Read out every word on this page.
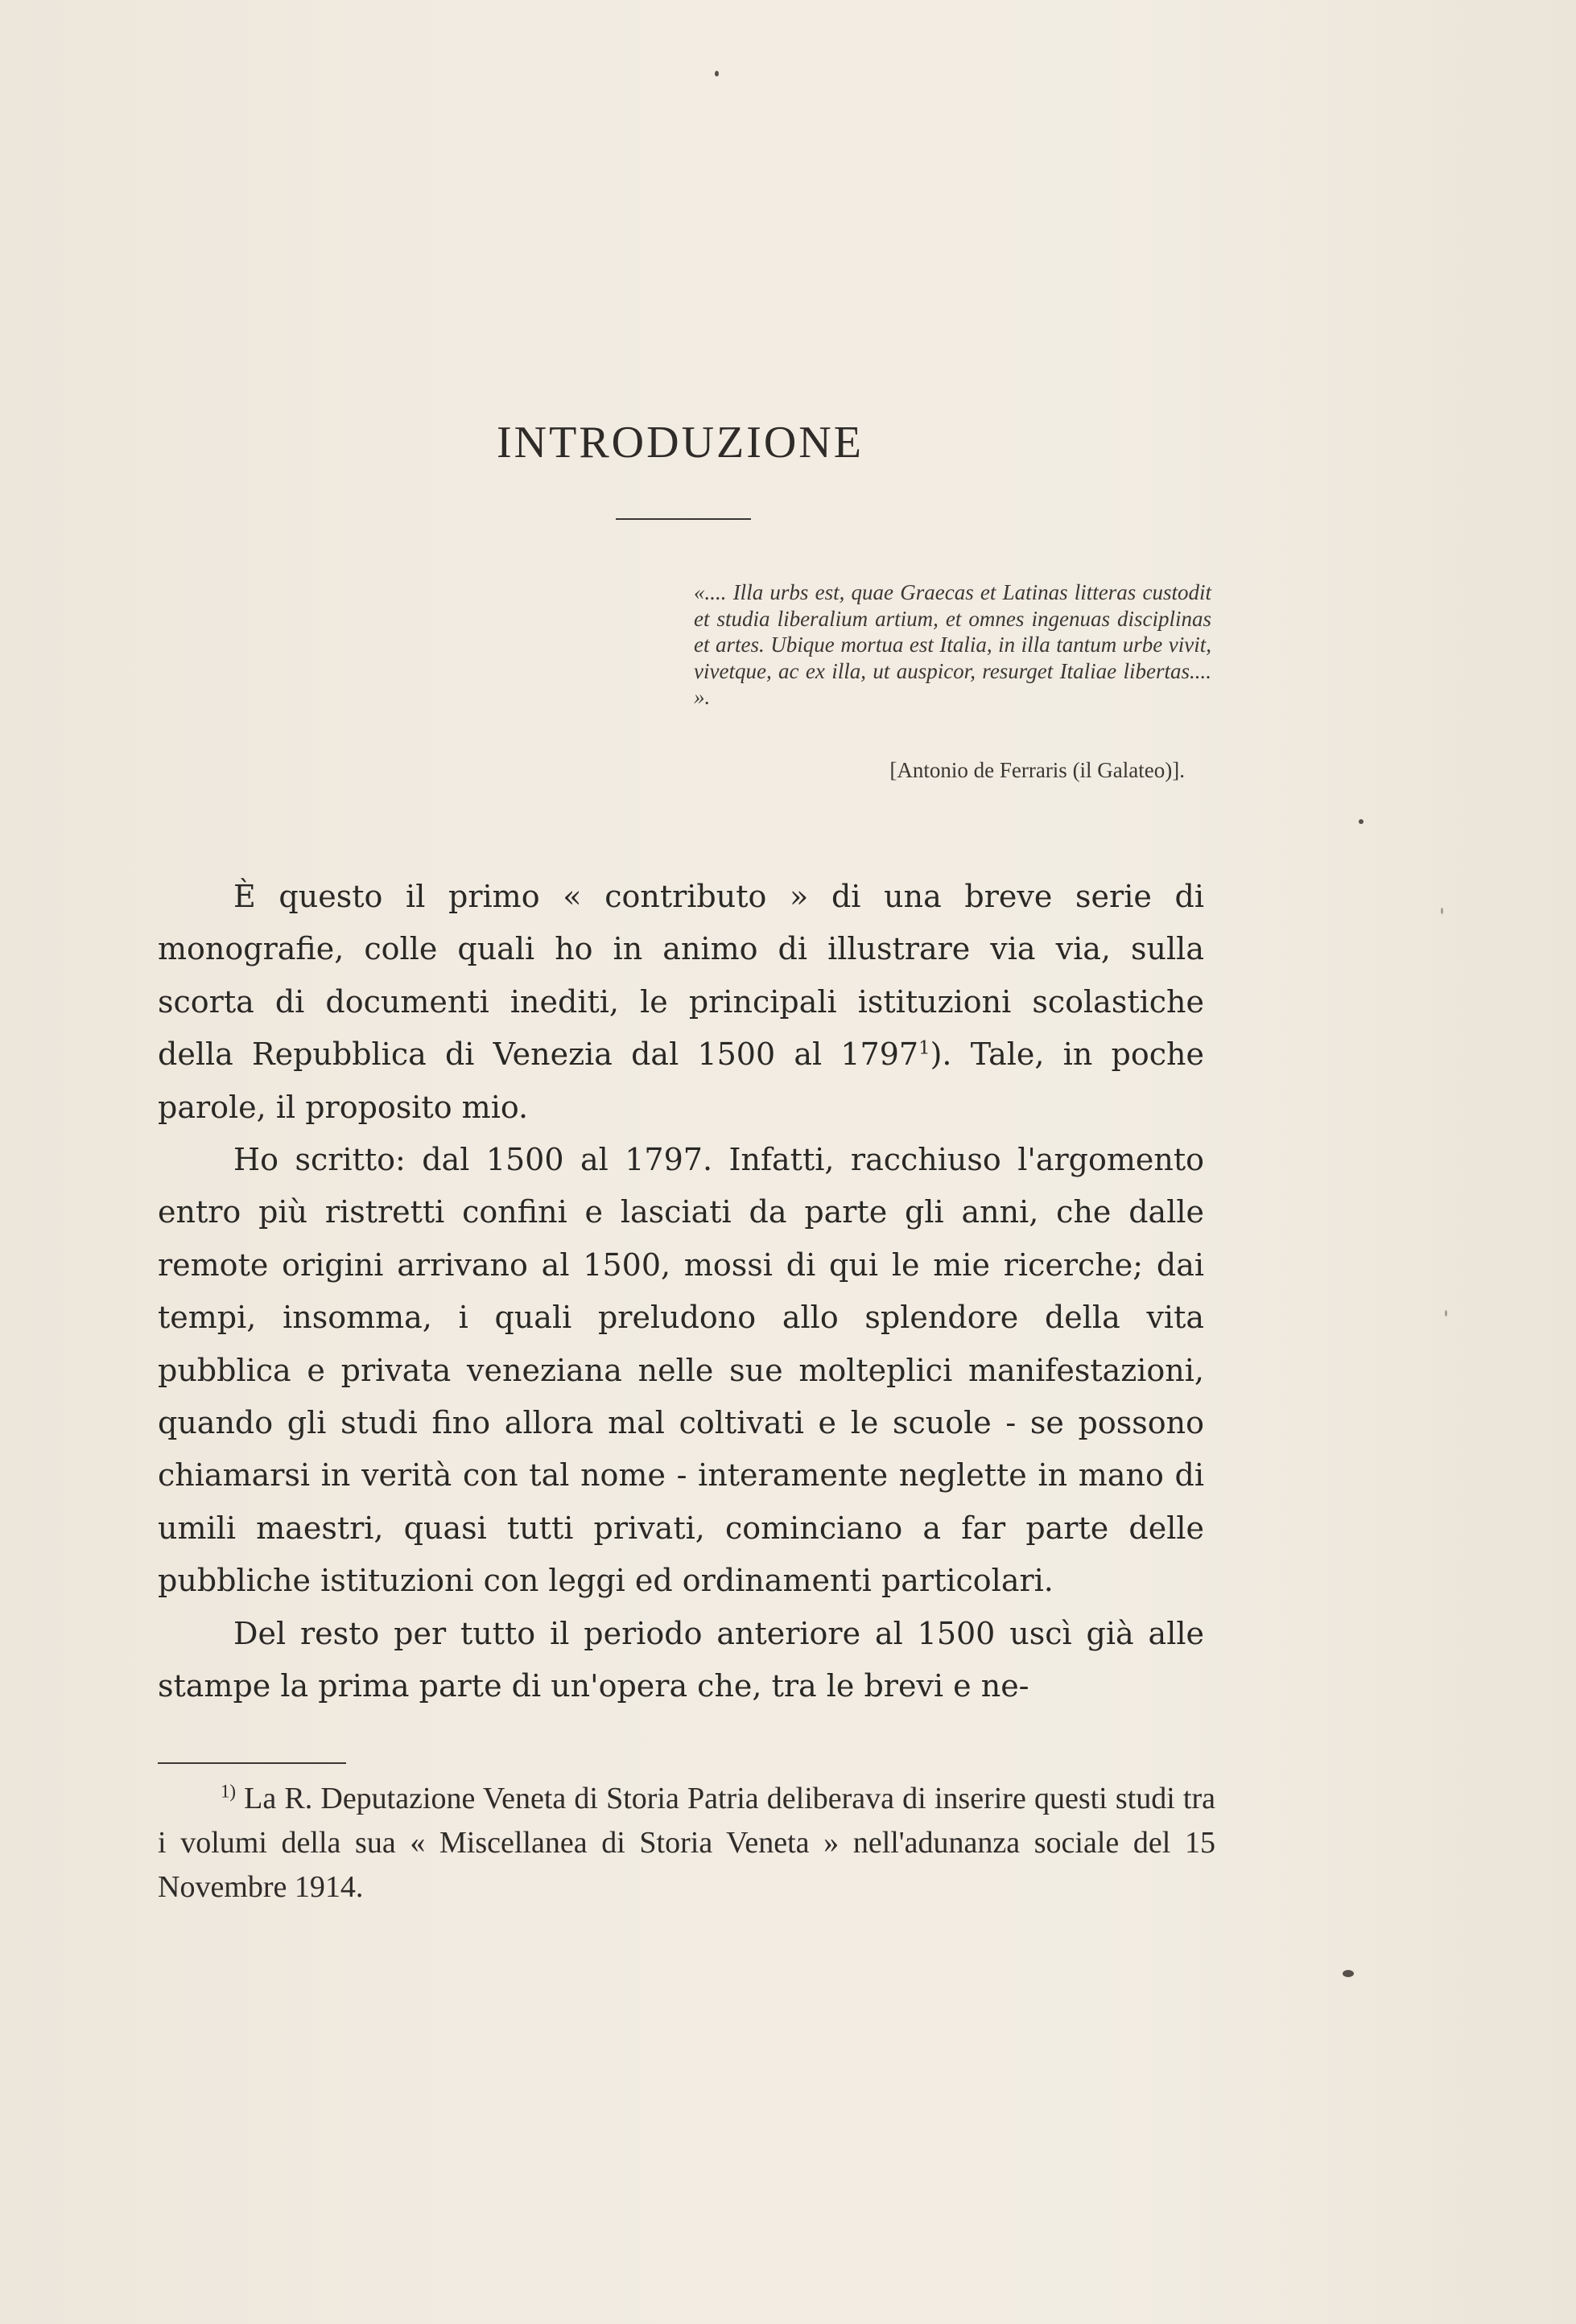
INTRODUZIONE
«.... Illa urbs est, quae Graecas et Latinas litteras custodit et studia liberalium artium, et omnes ingenuas disciplinas et artes. Ubique mortua est Italia, in illa tantum urbe vivit, vivetque, ac ex illa, ut auspicor, resurget Italiae libertas.... ».
[Antonio de Ferraris (il Galateo)].

È questo il primo « contributo » di una breve serie di monografie, colle quali ho in animo di illustrare via via, sulla scorta di documenti inediti, le principali istituzioni scolastiche della Repubblica di Venezia dal 1500 al 1797$^1$). Tale, in poche parole, il proposito mio.

Ho scritto: dal 1500 al 1797. Infatti, racchiuso l'argomento entro più ristretti confini e lasciati da parte gli anni, che dalle remote origini arrivano al 1500, mossi di qui le mie ricerche; dai tempi, insomma, i quali preludono allo splendore della vita pubblica e privata veneziana nelle sue molteplici manifestazioni, quando gli studi fino allora mal coltivati e le scuole - se possono chiamarsi in verità con tal nome - interamente neglette in mano di umili maestri, quasi tutti privati, cominciano a far parte delle pubbliche istituzioni con leggi ed ordinamenti particolari.

Del resto per tutto il periodo anteriore al 1500 uscì già alle stampe la prima parte di un'opera che, tra le brevi e ne-

$^{1)}$ La R. Deputazione Veneta di Storia Patria deliberava di inserire questi studi tra i volumi della sua « Miscellanea di Storia Veneta » nell'adunanza sociale del 15 Novembre 1914.
